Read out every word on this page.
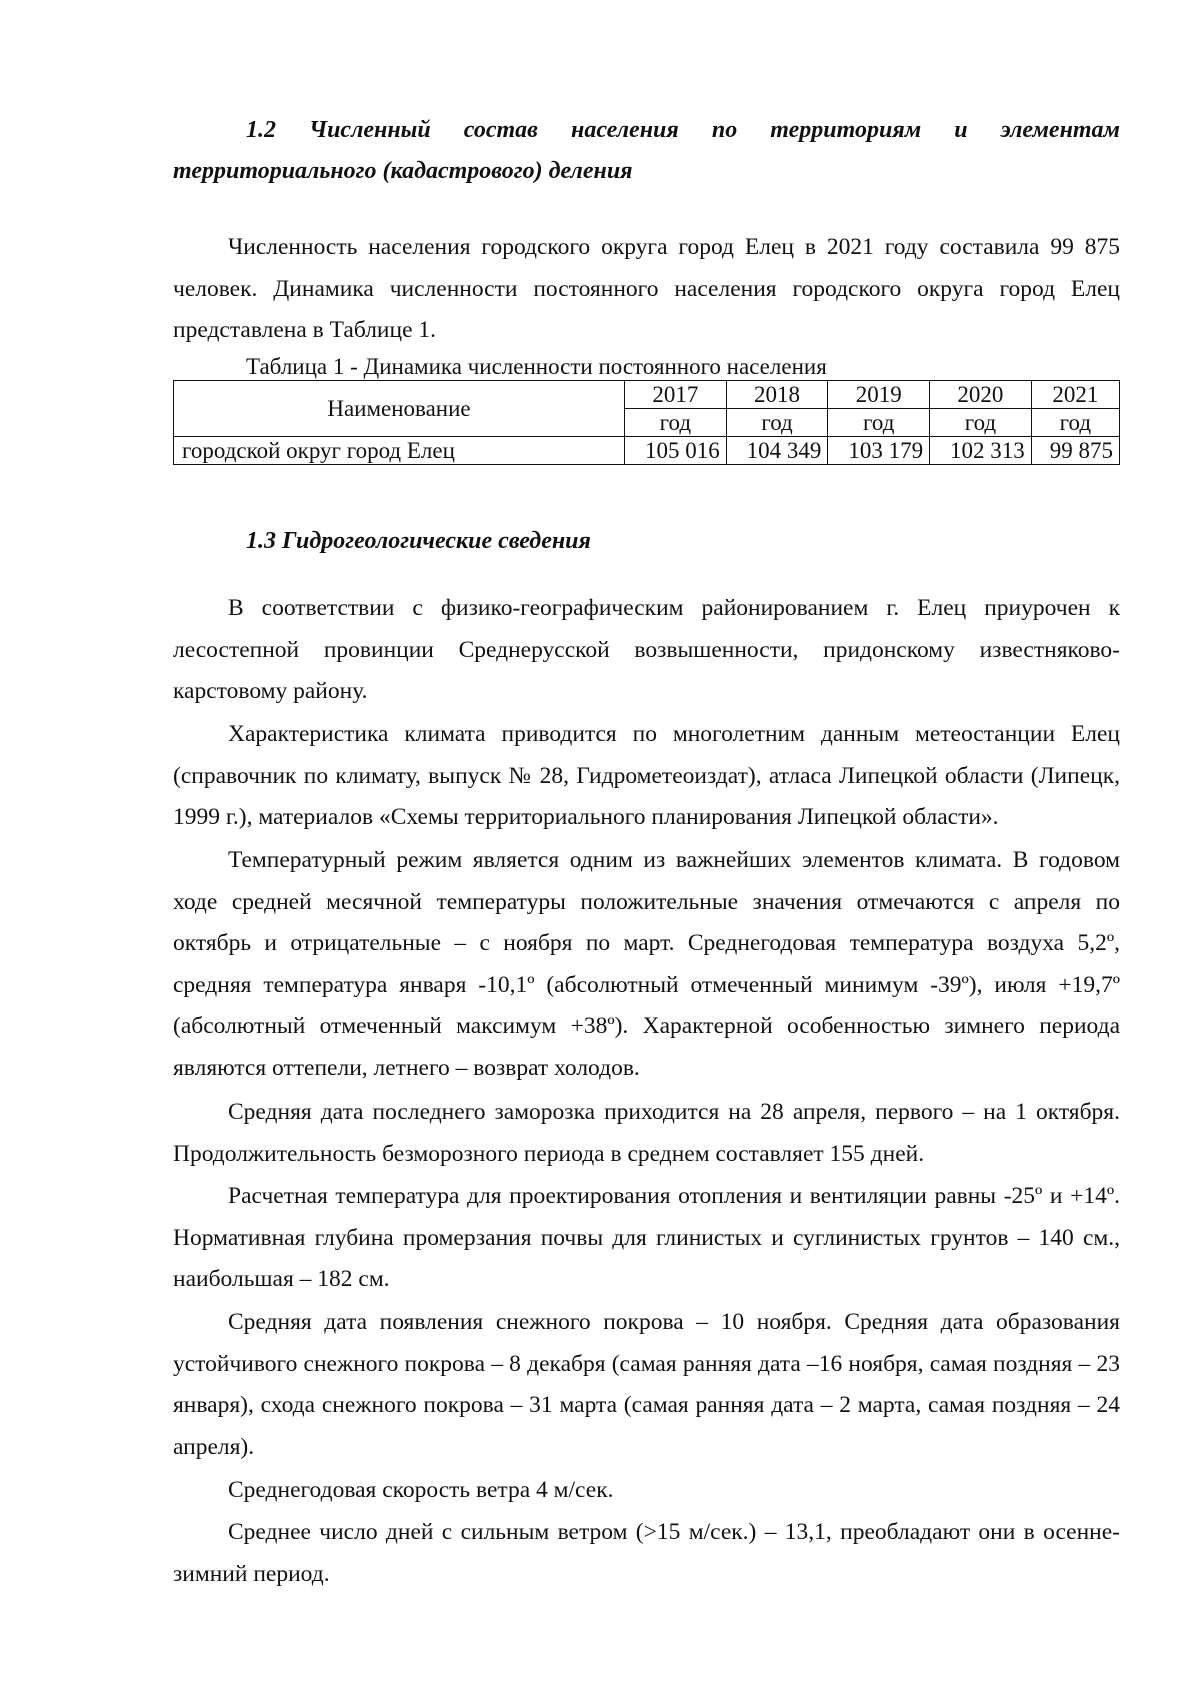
1.2 Численный состав населения по территориям и элементам территориального (кадастрового) деления

Численность населения городского округа город Елец в 2021 году составила 99 875 человек. Динамика численности постоянного населения городского округа город Елец представлена в Таблице 1.

Таблица 1 - Динамика численности постоянного населения

Наименование	2017	2018	2019	2020	2021
	год	год	год	год	год
городской округ город Елец	105 016	104 349	103 179	102 313	99 875
1.3 Гидрогеологические сведения

В соответствии с физико-географическим районированием г. Елец приурочен к лесостепной провинции Среднерусской возвышенности, придонскому известняково-карстовому району.

Характеристика климата приводится по многолетним данным метеостанции Елец (справочник по климату, выпуск № 28, Гидрометеоиздат), атласа Липецкой области (Липецк, 1999 г.), материалов «Схемы территориального планирования Липецкой области».

Температурный режим является одним из важнейших элементов климата. В годовом ходе средней месячной температуры положительные значения отмечаются с апреля по октябрь и отрицательные – с ноября по март. Среднегодовая температура воздуха 5,2º, средняя температура января -10,1º (абсолютный отмеченный минимум -39º), июля +19,7º (абсолютный отмеченный максимум +38º). Характерной особенностью зимнего периода являются оттепели, летнего – возврат холодов.

Средняя дата последнего заморозка приходится на 28 апреля, первого – на 1 октября. Продолжительность безморозного периода в среднем составляет 155 дней.

Расчетная температура для проектирования отопления и вентиляции равны -25º и +14º. Нормативная глубина промерзания почвы для глинистых и суглинистых грунтов – 140 см., наибольшая – 182 см.

Средняя дата появления снежного покрова – 10 ноября. Средняя дата образования устойчивого снежного покрова – 8 декабря (самая ранняя дата –16 ноября, самая поздняя – 23 января), схода снежного покрова – 31 марта (самая ранняя дата – 2 марта, самая поздняя – 24 апреля).

Среднегодовая скорость ветра 4 м/сек.

Среднее число дней с сильным ветром (>15 м/сек.) – 13,1, преобладают они в осенне-зимний период.
